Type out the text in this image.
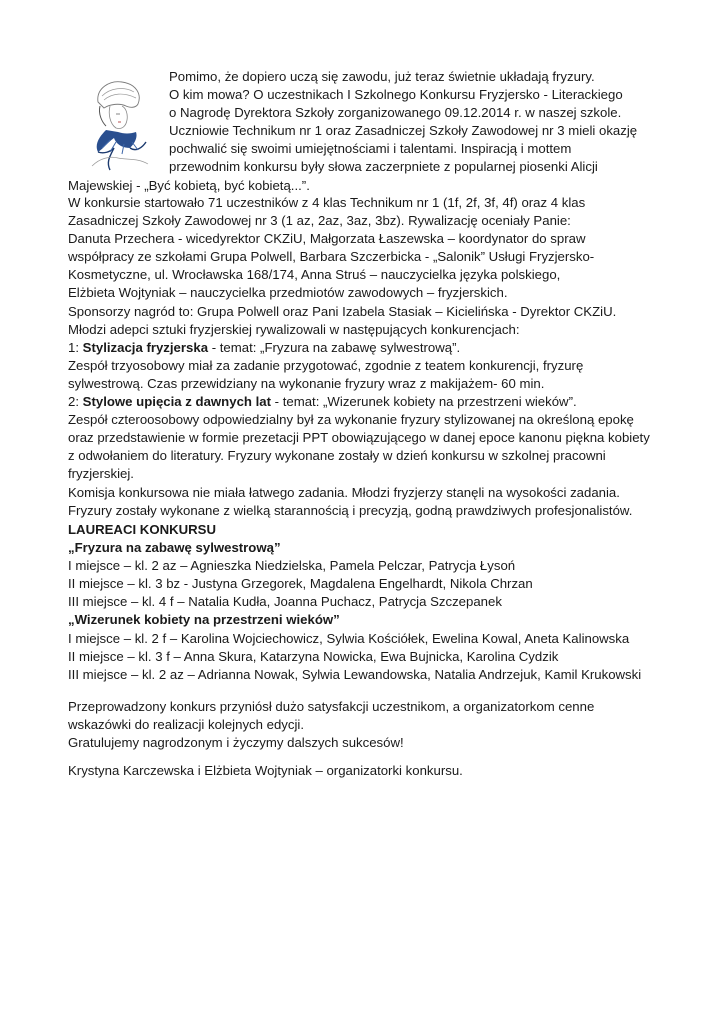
Pomimo, że dopiero uczą się zawodu, już teraz świetnie układają fryzury.
O kim mowa? O uczestnikach I Szkolnego Konkursu Fryzjersko - Literackiego
o Nagrodę Dyrektora Szkoły zorganizowanego 09.12.2014 r. w naszej szkole.
Uczniowie Technikum nr 1 oraz Zasadniczej Szkoły Zawodowej nr 3 mieli okazję
pochwalić się swoimi umiejętnościami i talentami. Inspiracją i mottem
przewodnim konkursu były słowa zaczerpniete z popularnej piosenki Alicji
Majewskiej - „Być kobietą, być kobietą...”.
W konkursie startowało 71 uczestników z 4 klas Technikum nr 1 (1f, 2f, 3f, 4f) oraz 4 klas
Zasadniczej Szkoły Zawodowej nr 3 (1 az, 2az, 3az, 3bz). Rywalizację oceniały Panie:
Danuta Przechera - wicedyrektor CKZiU, Małgorzata Łaszewska – koordynator do spraw
współpracy ze szkołami Grupa Polwell, Barbara Szczerbicka - „Salonik” Usługi Fryzjersko-
Kosmetyczne, ul. Wrocławska 168/174, Anna Struś – nauczycielka języka polskiego,
Elżbieta Wojtyniak – nauczycielka przedmiotów zawodowych – fryzjerskich.
Sponsorzy nagród to: Grupa Polwell oraz Pani Izabela Stasiak – Kicielińska - Dyrektor CKZiU.
Młodzi adepci sztuki fryzjerskiej rywalizowali w następujących konkurencjach:
1: Stylizacja fryzjerska - temat: „Fryzura na zabawę sylwestrową”.
Zespół trzyosobowy miał za zadanie przygotować, zgodnie z teatem konkurencji, fryzurę
sylwestrową. Czas przewidziany na wykonanie fryzury wraz z makijażem- 60 min.
2: Stylowe upięcia z dawnych lat - temat: „Wizerunek kobiety na przestrzeni wieków”.
Zespół czteroosobowy odpowiedzialny był za wykonanie fryzury stylizowanej na określoną epokę
oraz przedstawienie w formie prezetacji PPT obowiązującego w danej epoce kanonu piękna kobiety
z odwołaniem do literatury. Fryzury wykonane zostały w dzień konkursu w szkolnej pracowni
fryzjerskiej.
Komisja konkursowa nie miała łatwego zadania. Młodzi fryzjerzy stanęli na wysokości zadania.
Fryzury zostały wykonane z wielką starannością i precyzją, godną prawdziwych profesjonalistów.
LAUREACI KONKURSU
„Fryzura na zabawę sylwestrową”
I miejsce – kl. 2 az – Agnieszka Niedzielska, Pamela Pelczar, Patrycja Łysoń
II miejsce – kl. 3 bz - Justyna Grzegorek, Magdalena Engelhardt, Nikola Chrzan
III miejsce – kl. 4 f – Natalia Kudła, Joanna Puchacz, Patrycja Szczepanek
„Wizerunek kobiety na przestrzeni wieków”
I miejsce – kl. 2 f – Karolina Wojciechowicz, Sylwia Kościółek, Ewelina Kowal, Aneta Kalinowska
II miejsce – kl. 3 f – Anna Skura, Katarzyna Nowicka, Ewa Bujnicka, Karolina Cydzik
III miejsce – kl. 2 az – Adrianna Nowak, Sylwia Lewandowska, Natalia Andrzejuk, Kamil Krukowski
Przeprowadzony konkurs przyniósł dużo satysfakcji uczestnikom, a organizatorkom cenne
wskazówki do realizacji kolejnych edycji.
Gratulujemy nagrodzonym i życzymy dalszych sukcesów!
Krystyna Karczewska i Elżbieta Wojtyniak – organizatorki konkursu.
